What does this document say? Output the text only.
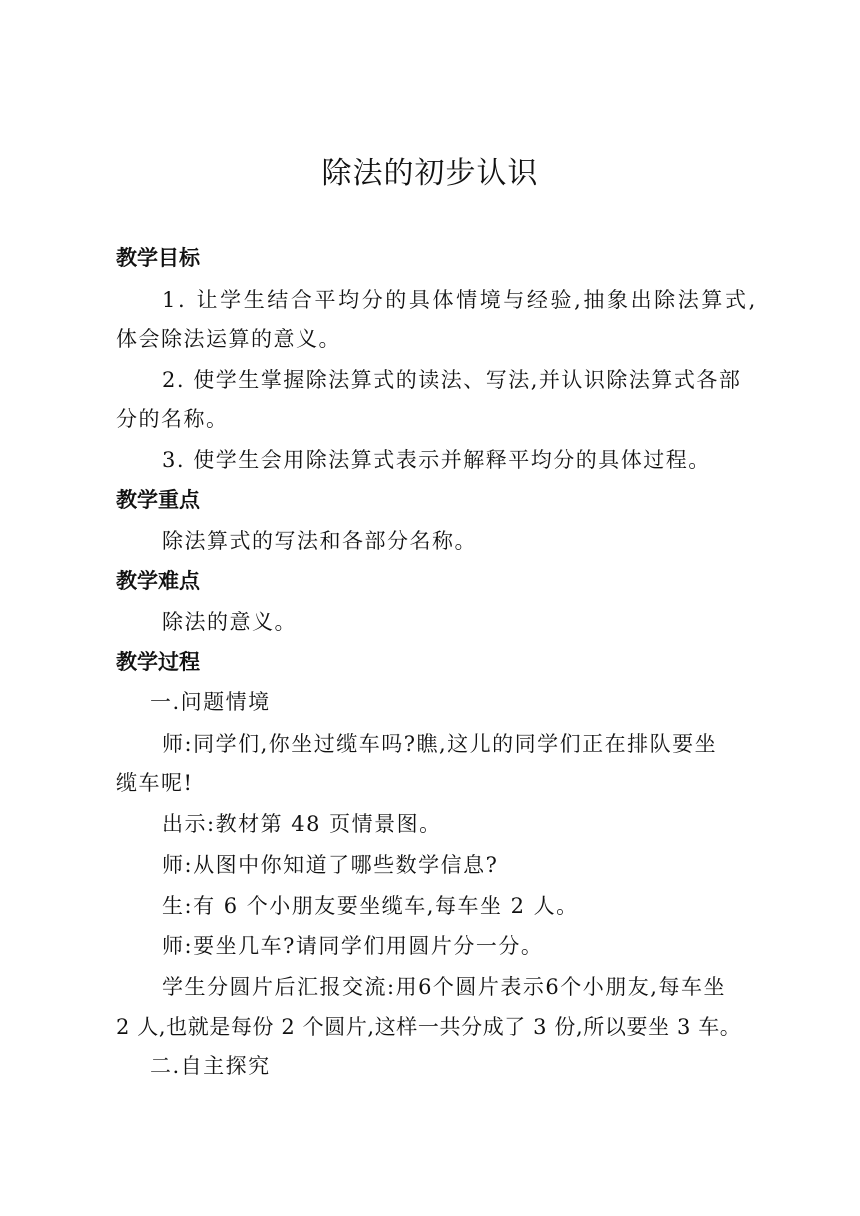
除法的初步认识
教学目标
1. 让学生结合平均分的具体情境与经验,抽象出除法算式,
体会除法运算的意义。
2. 使学生掌握除法算式的读法、写法,并认识除法算式各部
分的名称。
3. 使学生会用除法算式表示并解释平均分的具体过程。
教学重点
除法算式的写法和各部分名称。
教学难点
除法的意义。
教学过程
一.问题情境
师:同学们,你坐过缆车吗?瞧,这儿的同学们正在排队要坐
缆车呢!
出示:教材第 48 页情景图。
师:从图中你知道了哪些数学信息?
生:有 6 个小朋友要坐缆车,每车坐 2 人。
师:要坐几车?请同学们用圆片分一分。
学生分圆片后汇报交流:用6个圆片表示6个小朋友,每车坐
2 人,也就是每份 2 个圆片,这样一共分成了 3 份,所以要坐 3 车。
二.自主探究
